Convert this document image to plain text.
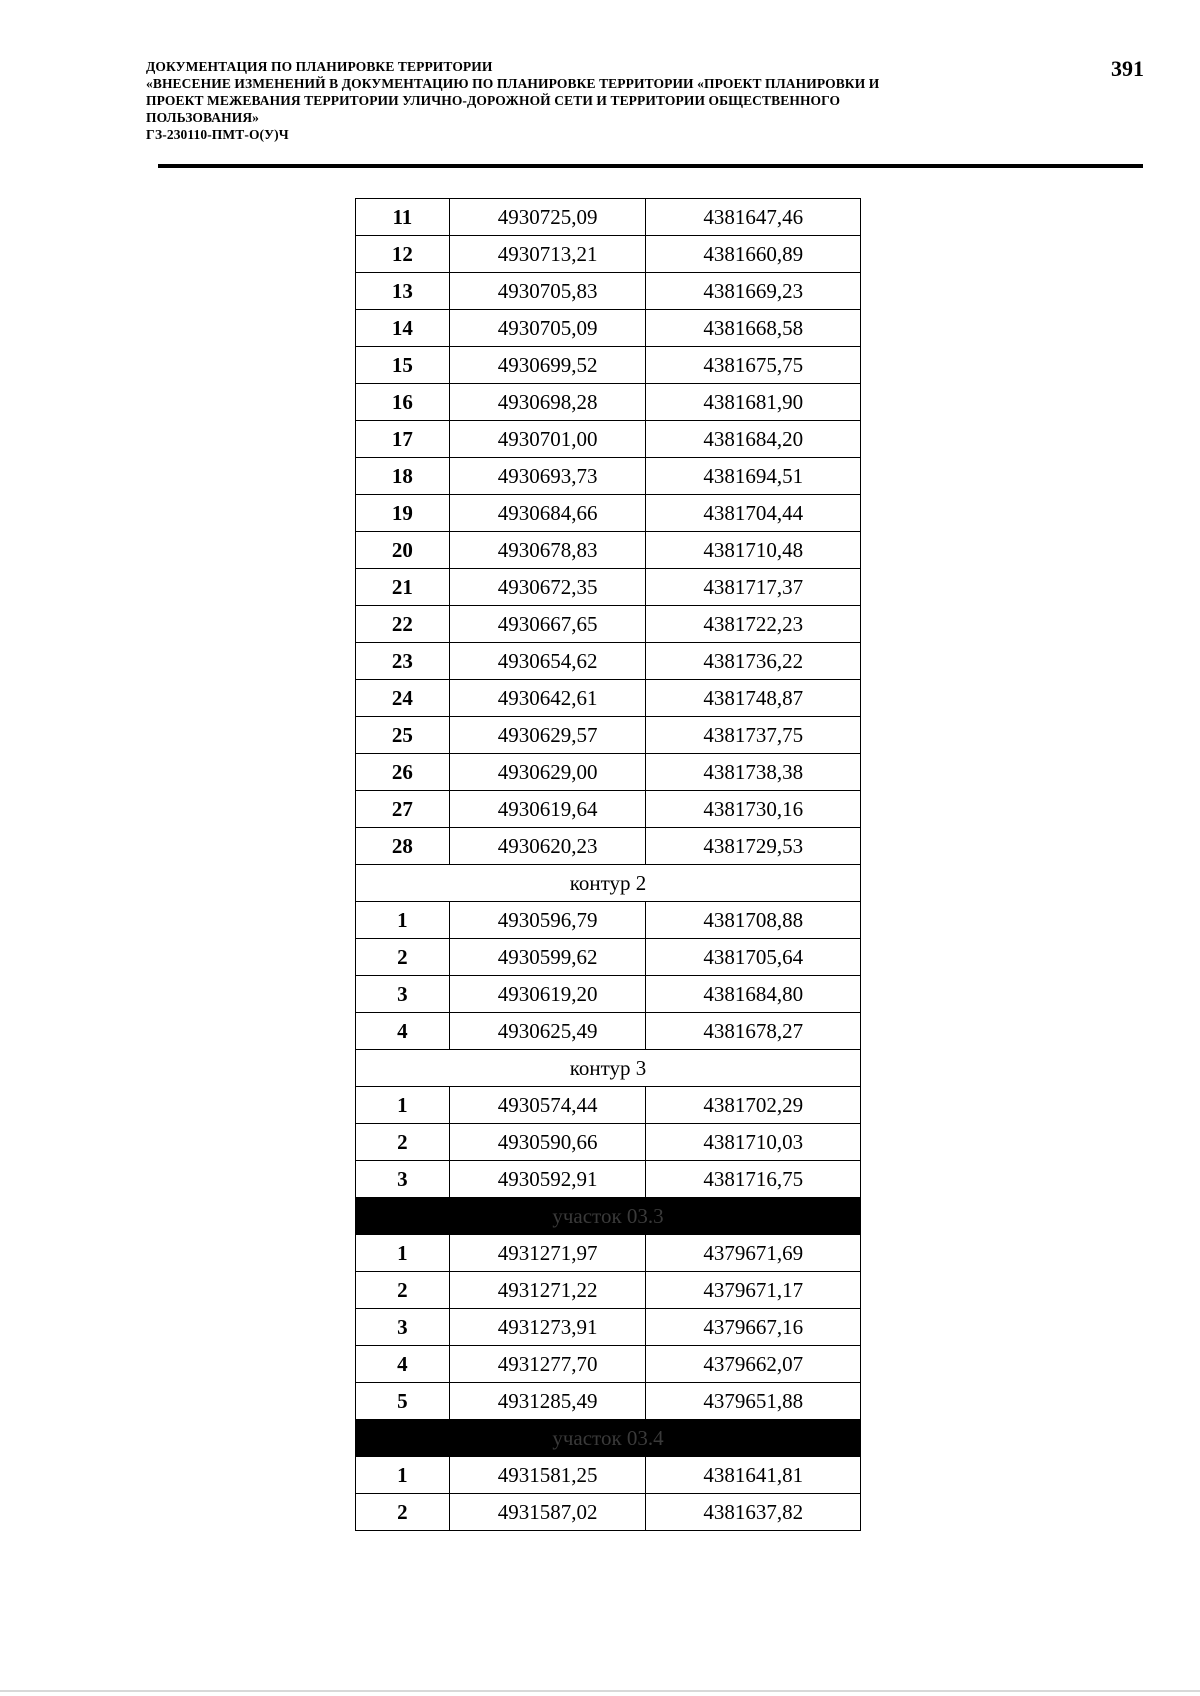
ДОКУМЕНТАЦИЯ ПО ПЛАНИРОВКЕ ТЕРРИТОРИИ
«ВНЕСЕНИЕ ИЗМЕНЕНИЙ В ДОКУМЕНТАЦИЮ ПО ПЛАНИРОВКЕ ТЕРРИТОРИИ «ПРОЕКТ ПЛАНИРОВКИ И
ПРОЕКТ МЕЖЕВАНИЯ ТЕРРИТОРИИ УЛИЧНО-ДОРОЖНОЙ СЕТИ И ТЕРРИТОРИИ ОБЩЕСТВЕННОГО
ПОЛЬЗОВАНИЯ»
ГЗ-230110-ПМТ-О(У)Ч
391
11	4930725,09	4381647,46
12	4930713,21	4381660,89
13	4930705,83	4381669,23
14	4930705,09	4381668,58
15	4930699,52	4381675,75
16	4930698,28	4381681,90
17	4930701,00	4381684,20
18	4930693,73	4381694,51
19	4930684,66	4381704,44
20	4930678,83	4381710,48
21	4930672,35	4381717,37
22	4930667,65	4381722,23
23	4930654,62	4381736,22
24	4930642,61	4381748,87
25	4930629,57	4381737,75
26	4930629,00	4381738,38
27	4930619,64	4381730,16
28	4930620,23	4381729,53
контур 2		
1	4930596,79	4381708,88
2	4930599,62	4381705,64
3	4930619,20	4381684,80
4	4930625,49	4381678,27
контур 3		
1	4930574,44	4381702,29
2	4930590,66	4381710,03
3	4930592,91	4381716,75
участок 03.3		
1	4931271,97	4379671,69
2	4931271,22	4379671,17
3	4931273,91	4379667,16
4	4931277,70	4379662,07
5	4931285,49	4379651,88
участок 03.4		
1	4931581,25	4381641,81
2	4931587,02	4381637,82
